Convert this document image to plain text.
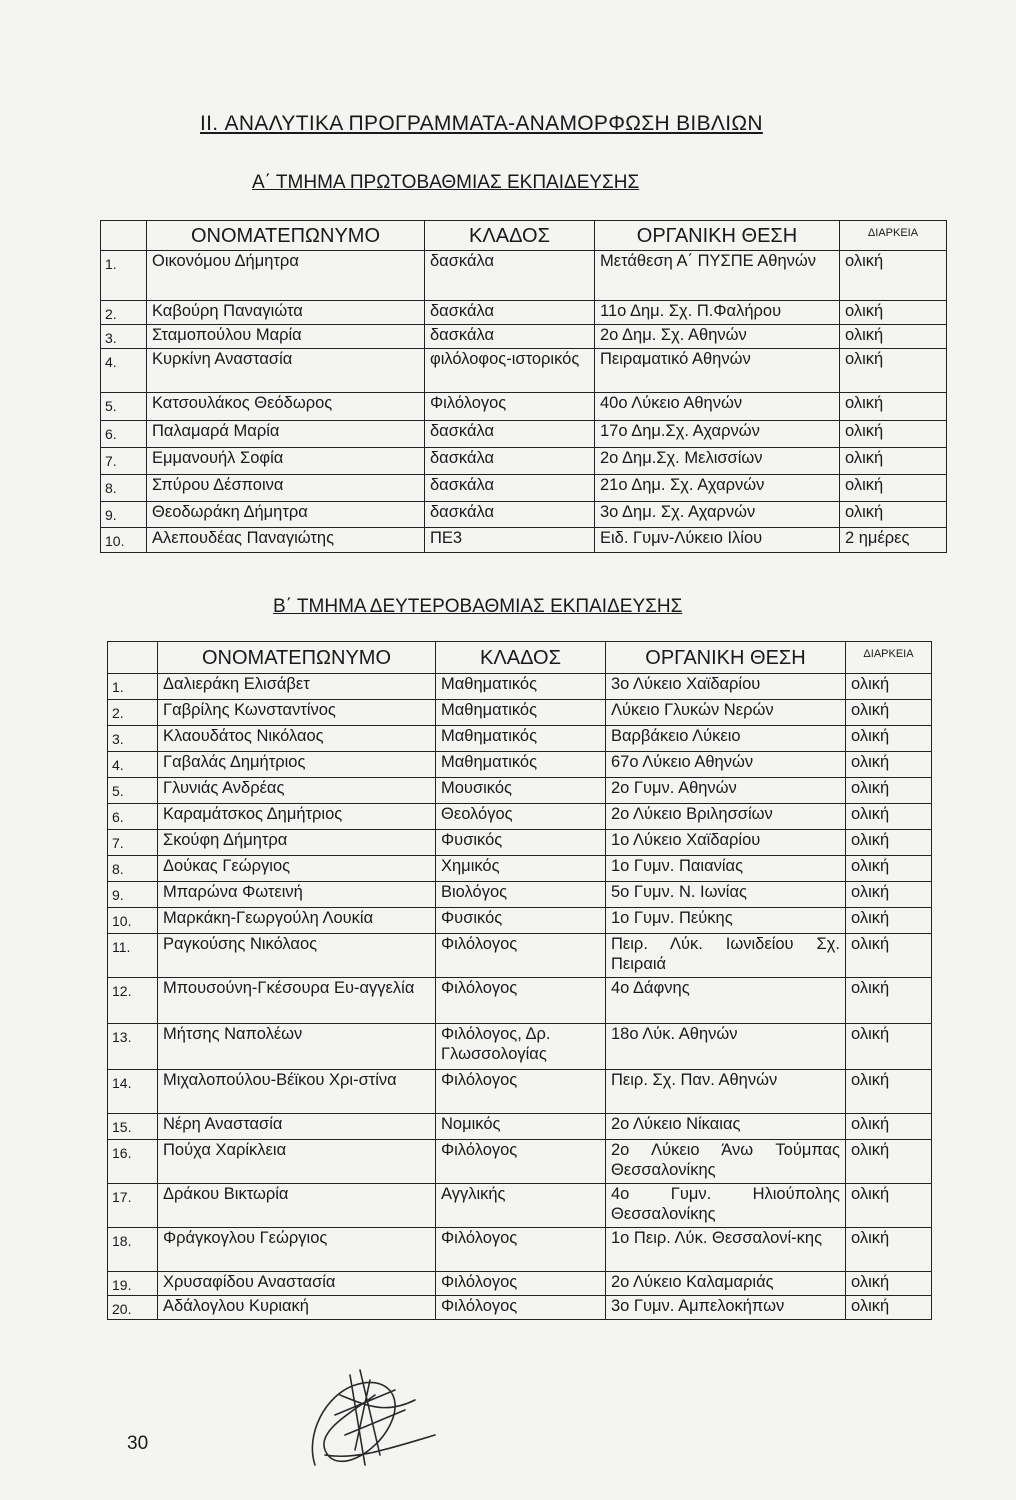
II. ΑΝΑΛΥΤΙΚΑ ΠΡΟΓΡΑΜΜΑΤΑ-ΑΝΑΜΟΡΦΩΣΗ ΒΙΒΛΙΩΝ
Α΄ ΤΜΗΜΑ ΠΡΩΤΟΒΑΘΜΙΑΣ ΕΚΠΑΙΔΕΥΣΗΣ
	ΟΝΟΜΑΤΕΠΩΝΥΜΟ	ΚΛΑΔΟΣ	ΟΡΓΑΝΙΚΗ ΘΕΣΗ	ΔΙΑΡΚΕΙΑ
1.	Οικονόμου Δήμητρα	δασκάλα	Μετάθεση Α΄ ΠΥΣΠΕ Αθηνών	ολική
2.	Καβούρη Παναγιώτα	δασκάλα	11ο Δημ. Σχ. Π.Φαλήρου	ολική
3.	Σταμοπούλου Μαρία	δασκάλα	2ο Δημ. Σχ. Αθηνών	ολική
4.	Κυρκίνη Αναστασία	φιλόλοφος-ιστορικός	Πειραματικό Αθηνών	ολική
5.	Κατσουλάκος Θεόδωρος	Φιλόλογος	40ο Λύκειο Αθηνών	ολική
6.	Παλαμαρά Μαρία	δασκάλα	17ο Δημ.Σχ. Αχαρνών	ολική
7.	Εμμανουήλ Σοφία	δασκάλα	2ο Δημ.Σχ. Μελισσίων	ολική
8.	Σπύρου Δέσποινα	δασκάλα	21ο Δημ. Σχ. Αχαρνών	ολική
9.	Θεοδωράκη Δήμητρα	δασκάλα	3ο Δημ. Σχ. Αχαρνών	ολική
10.	Αλεπουδέας Παναγιώτης	ΠΕ3	Ειδ. Γυμν-Λύκειο Ιλίου	2 ημέρες
Β΄ ΤΜΗΜΑ ΔΕΥΤΕΡΟΒΑΘΜΙΑΣ ΕΚΠΑΙΔΕΥΣΗΣ
	ΟΝΟΜΑΤΕΠΩΝΥΜΟ	ΚΛΑΔΟΣ	ΟΡΓΑΝΙΚΗ ΘΕΣΗ	ΔΙΑΡΚΕΙΑ
1.	Δαλιεράκη Ελισάβετ	Μαθηματικός	3ο Λύκειο Χαϊδαρίου	ολική
2.	Γαβρίλης Κωνσταντίνος	Μαθηματικός	Λύκειο Γλυκών Νερών	ολική
3.	Κλαουδάτος Νικόλαος	Μαθηματικός	Βαρβάκειο Λύκειο	ολική
4.	Γαβαλάς Δημήτριος	Μαθηματικός	67ο Λύκειο Αθηνών	ολική
5.	Γλυνιάς Ανδρέας	Μουσικός	2ο Γυμν. Αθηνών	ολική
6.	Καραμάτσκος Δημήτριος	Θεολόγος	2ο Λύκειο Βριλησσίων	ολική
7.	Σκούφη Δήμητρα	Φυσικός	1ο Λύκειο Χαϊδαρίου	ολική
8.	Δούκας Γεώργιος	Χημικός	1ο Γυμν. Παιανίας	ολική
9.	Μπαρώνα Φωτεινή	Βιολόγος	5ο Γυμν. Ν. Ιωνίας	ολική
10.	Μαρκάκη-Γεωργούλη Λουκία	Φυσικός	1ο Γυμν. Πεύκης	ολική
11.	Ραγκούσης Νικόλαος	Φιλόλογος	Πειρ. Λύκ. Ιωνιδείου Σχ. Πειραιά	ολική
12.	Μπουσούνη-Γκέσουρα Ευ-αγγελία	Φιλόλογος	4ο Δάφνης	ολική
13.	Μήτσης Ναπολέων	Φιλόλογος, Δρ. Γλωσσολογίας	18ο Λύκ. Αθηνών	ολική
14.	Μιχαλοπούλου-Βέϊκου Χρι-στίνα	Φιλόλογος	Πειρ. Σχ. Παν. Αθηνών	ολική
15.	Νέρη Αναστασία	Νομικός	2ο Λύκειο Νίκαιας	ολική
16.	Πούχα Χαρίκλεια	Φιλόλογος	2ο Λύκειο Άνω Τούμπας Θεσσαλονίκης	ολική
17.	Δράκου Βικτωρία	Αγγλικής	4ο Γυμν. Ηλιούπολης Θεσσαλονίκης	ολική
18.	Φράγκογλου Γεώργιος	Φιλόλογος	1ο Πειρ. Λύκ. Θεσσαλονί-κης	ολική
19.	Χρυσαφίδου Αναστασία	Φιλόλογος	2ο Λύκειο Καλαμαριάς	ολική
20.	Αδάλογλου Κυριακή	Φιλόλογος	3ο Γυμν. Αμπελοκήπων	ολική
30
